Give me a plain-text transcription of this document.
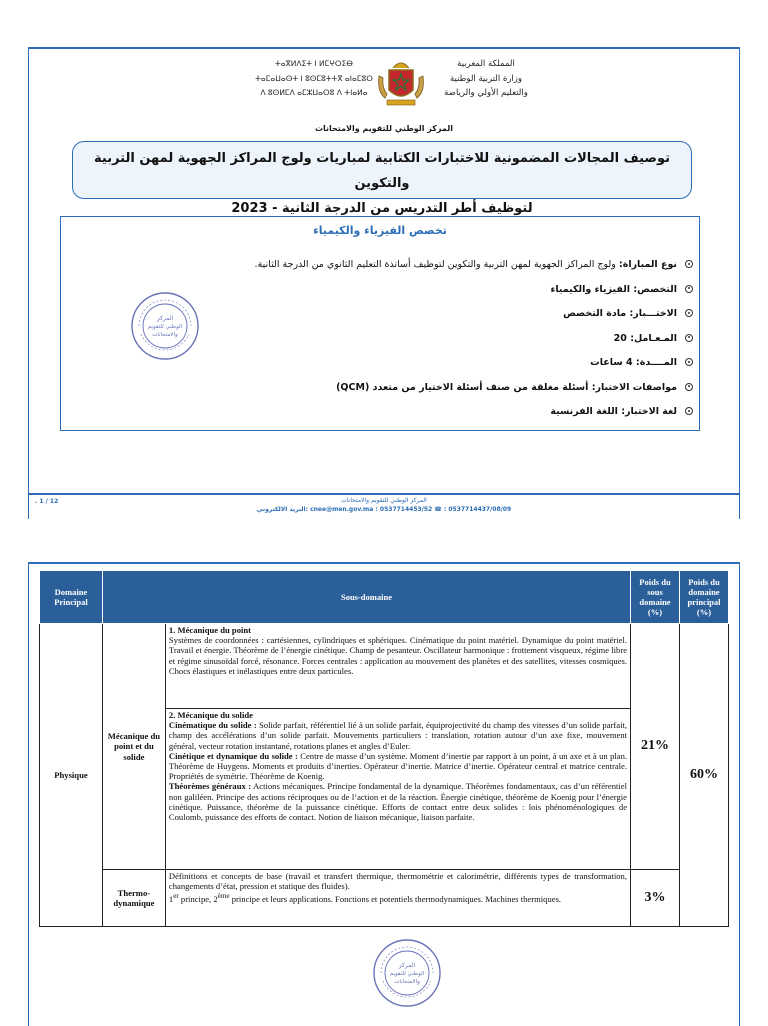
ⵜⴰⴳⵍⴷⵉⵜ ⵏ ⵍⵎⵖⵔⵉⴱ
ⵜⴰⵎⴰⵡⴰⵙⵜ ⵏ ⵓⵙⵎⵓⵜⵜⴳ ⴰⵏⴰⵎⵓⵔ
ⴷ ⵓⵙⵍⵎⴷ ⴰⵎⵣⵡⴰⵔⵓ ⴷ ⵜⵏⴰⵍⴰ
المملكة المغربية
وزارة التربية الوطنية
والتعليم الأولي والرياضة
المركز الوطني للتقويم والامتحانات
توصيف المجالات المضمونية للاختبارات الكتابية لمباريات ولوج المراكز الجهوية لمهن التربية والتكوين
لتوظيف أطر التدريس من الدرجة الثانية - 2023
تخصص الفيزياء والكيمياء
نوع المباراة: ولوج المراكز الجهوية لمهن التربية والتكوين لتوظيف أساتذة التعليم الثانوي من الدرجة الثانية.
التخصص: الفيزياء والكيمياء
الاختـــبار: مادة التخصص
المـعـامل: 20
المــــدة: 4 ساعات
مواصفات الاختبار: أسئلة مغلقة من صنف أسئلة الاختيار من متعدد (QCM)
لغة الاختبار: اللغة الفرنسية
المركز
الوطني للتقويم
والامتحانات
. 1 / 12	المركز الوطني للتقويم والامتحانات
البريد الالكتروني: cnee@men.gov.ma : 0537714453/52 ☎ : 0537714437/08/09
Domaine Principal	Sous-domaine		Poids du sous domaine (%)	Poids du domaine principal (%)
Physique	Mécanique du point et du solide	1. Mécanique du point
Systèmes de coordonnées : cartésiennes, cylindriques et sphériques. Cinématique du point matériel. Dynamique du point matériel. Travail et énergie. Théorème de l’énergie cinétique. Champ de pesanteur. Oscillateur harmonique : frottement visqueux, régime libre et régime sinusoïdal forcé, résonance. Forces centrales : application au mouvement des planètes et des satellites, vitesses cosmiques. Chocs élastiques et inélastiques entre deux particules.	21%	60%

		2. Mécanique du solide
Cinématique du solide : Solide parfait, référentiel lié à un solide parfait, équiprojectivité du champ des vitesses d’un solide parfait, champ des accélérations d’un solide parfait. Mouvements particuliers : translation, rotation autour d’un axe fixe, mouvement général, vecteur rotation instantané, rotations planes et angles d’Euler.
Cinétique et dynamique du solide : Centre de masse d’un système. Moment d’inertie par rapport à un point, à un axe et à un plan. Théorème de Huygens. Moments et produits d’inerties. Opérateur d’inertie. Matrice d’inertie. Opérateur central et matrice centrale. Propriétés de symétrie. Théorème de Koenig.
Théorèmes généraux : Actions mécaniques. Principe fondamental de la dynamique. Théorèmes fondamentaux, cas d’un référentiel non galiléen. Principe des actions réciproques ou de l’action et de la réaction. Énergie cinétique, théorème de Koenig pour l’énergie cinétique. Puissance, théorème de la puissance cinétique. Efforts de contact entre deux solides : lois phénoménologiques de Coulomb, puissance des efforts de contact. Notion de liaison mécanique, liaison parfaite.		

	Thermo-dynamique	Définitions et concepts de base (travail et transfert thermique, thermométrie et calorimétrie, différents types de transformation, changements d’état, pression et statique des fluides).
1er principe, 2ème principe et leurs applications. Fonctions et potentiels thermodynamiques. Machines thermiques.	3%	
المركز
الوطني للتقويم
والامتحانات
